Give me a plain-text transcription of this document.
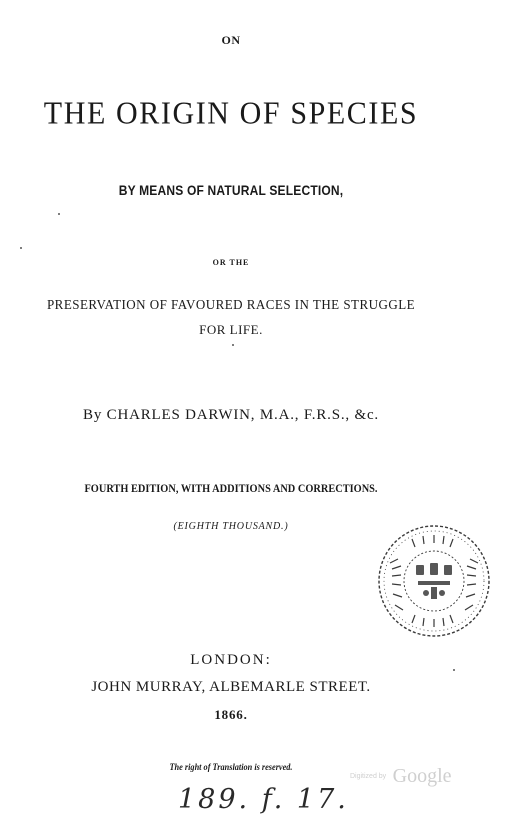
ON
THE ORIGIN OF SPECIES
BY MEANS OF NATURAL SELECTION,
OR THE
PRESERVATION OF FAVOURED RACES IN THE STRUGGLE
FOR LIFE.
By CHARLES DARWIN, M.A., F.R.S., &c.
FOURTH EDITION, WITH ADDITIONS AND CORRECTIONS.
(EIGHTH THOUSAND.)
LONDON:
JOHN MURRAY, ALBEMARLE STREET.
1866.
The right of Translation is reserved.
Digitized by Google
189. f. 17.
